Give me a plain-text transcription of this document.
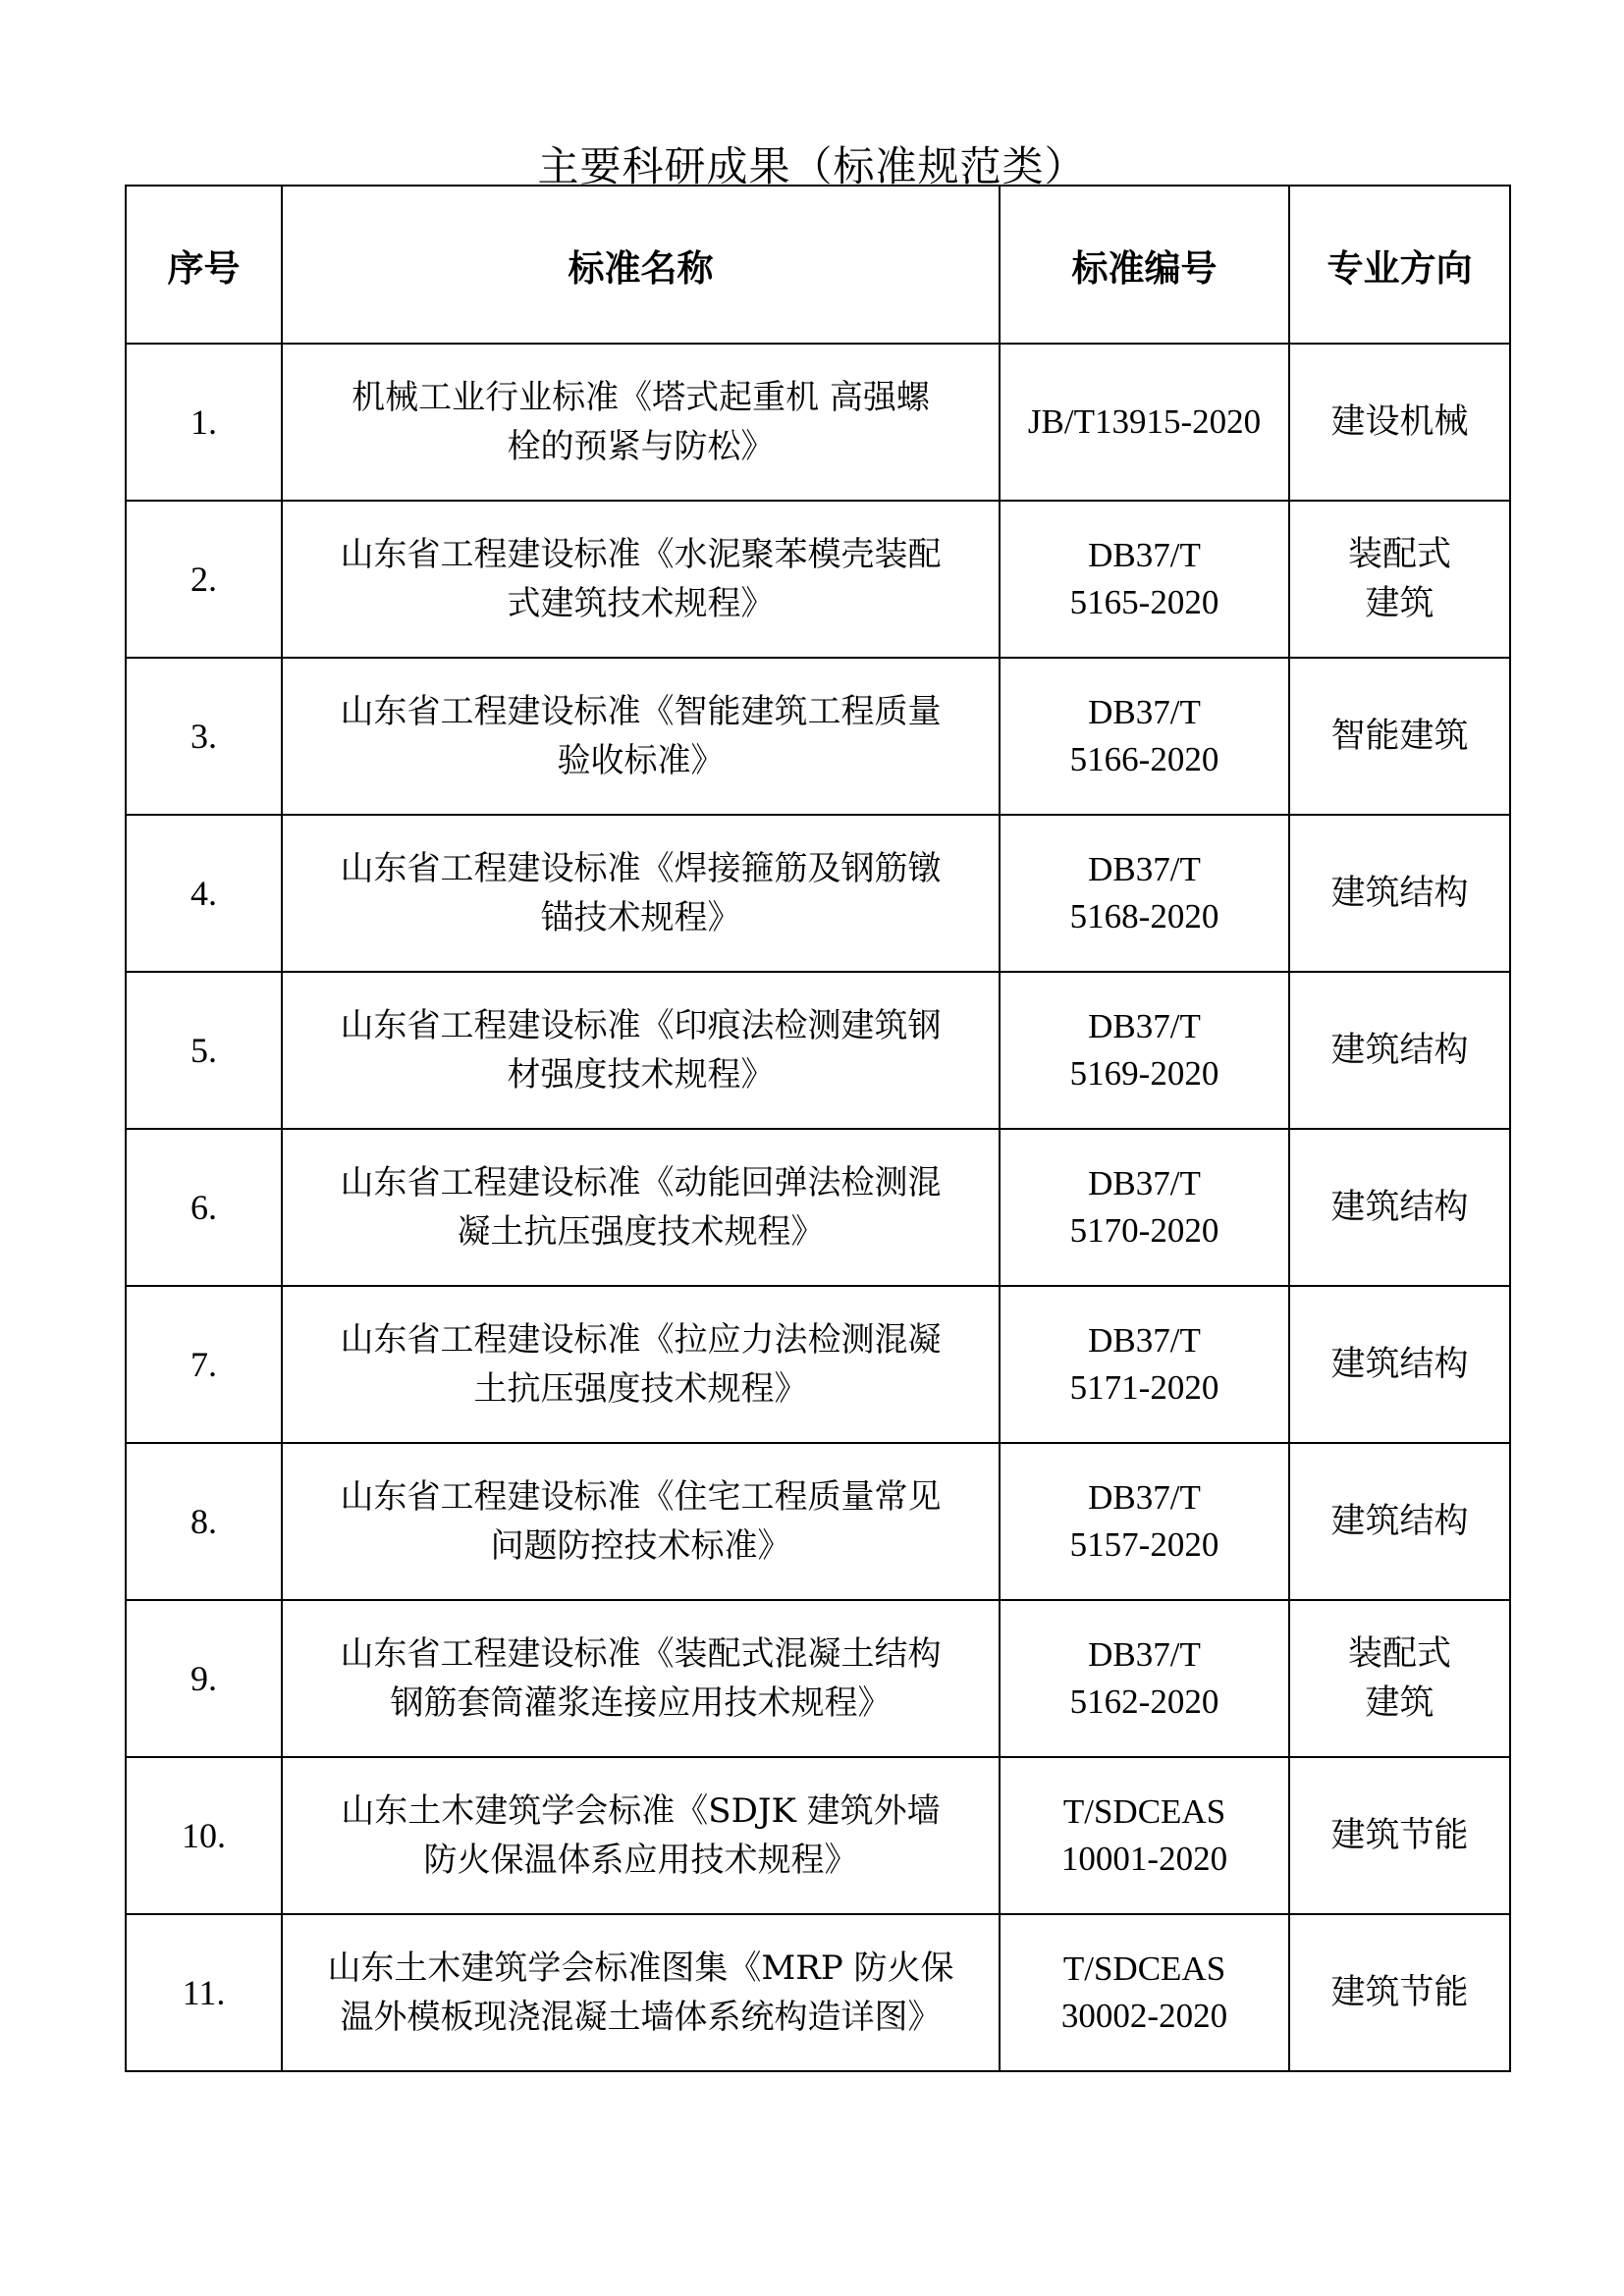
主要科研成果（标准规范类）
序号	标准名称	标准编号	专业方向
1.	机械工业行业标准《塔式起重机 高强螺
栓的预紧与防松》	JB/T13915-2020	建设机械

2.	山东省工程建设标准《水泥聚苯模壳装配
式建筑技术规程》	DB37/T
5165-2020	装配式
建筑

3.	山东省工程建设标准《智能建筑工程质量
验收标准》	DB37/T
5166-2020	智能建筑

4.	山东省工程建设标准《焊接箍筋及钢筋镦
锚技术规程》	DB37/T
5168-2020	建筑结构

5.	山东省工程建设标准《印痕法检测建筑钢
材强度技术规程》	DB37/T
5169-2020	建筑结构

6.	山东省工程建设标准《动能回弹法检测混
凝土抗压强度技术规程》	DB37/T
5170-2020	建筑结构

7.	山东省工程建设标准《拉应力法检测混凝
土抗压强度技术规程》	DB37/T
5171-2020	建筑结构

8.	山东省工程建设标准《住宅工程质量常见
问题防控技术标准》	DB37/T
5157-2020	建筑结构

9.	山东省工程建设标准《装配式混凝土结构
钢筋套筒灌浆连接应用技术规程》	DB37/T
5162-2020	装配式
建筑

10.	山东土木建筑学会标准《SDJK 建筑外墙
防火保温体系应用技术规程》	T/SDCEAS
10001-2020	建筑节能

11.	山东土木建筑学会标准图集《MRP 防火保
温外模板现浇混凝土墙体系统构造详图》	T/SDCEAS
30002-2020	建筑节能
